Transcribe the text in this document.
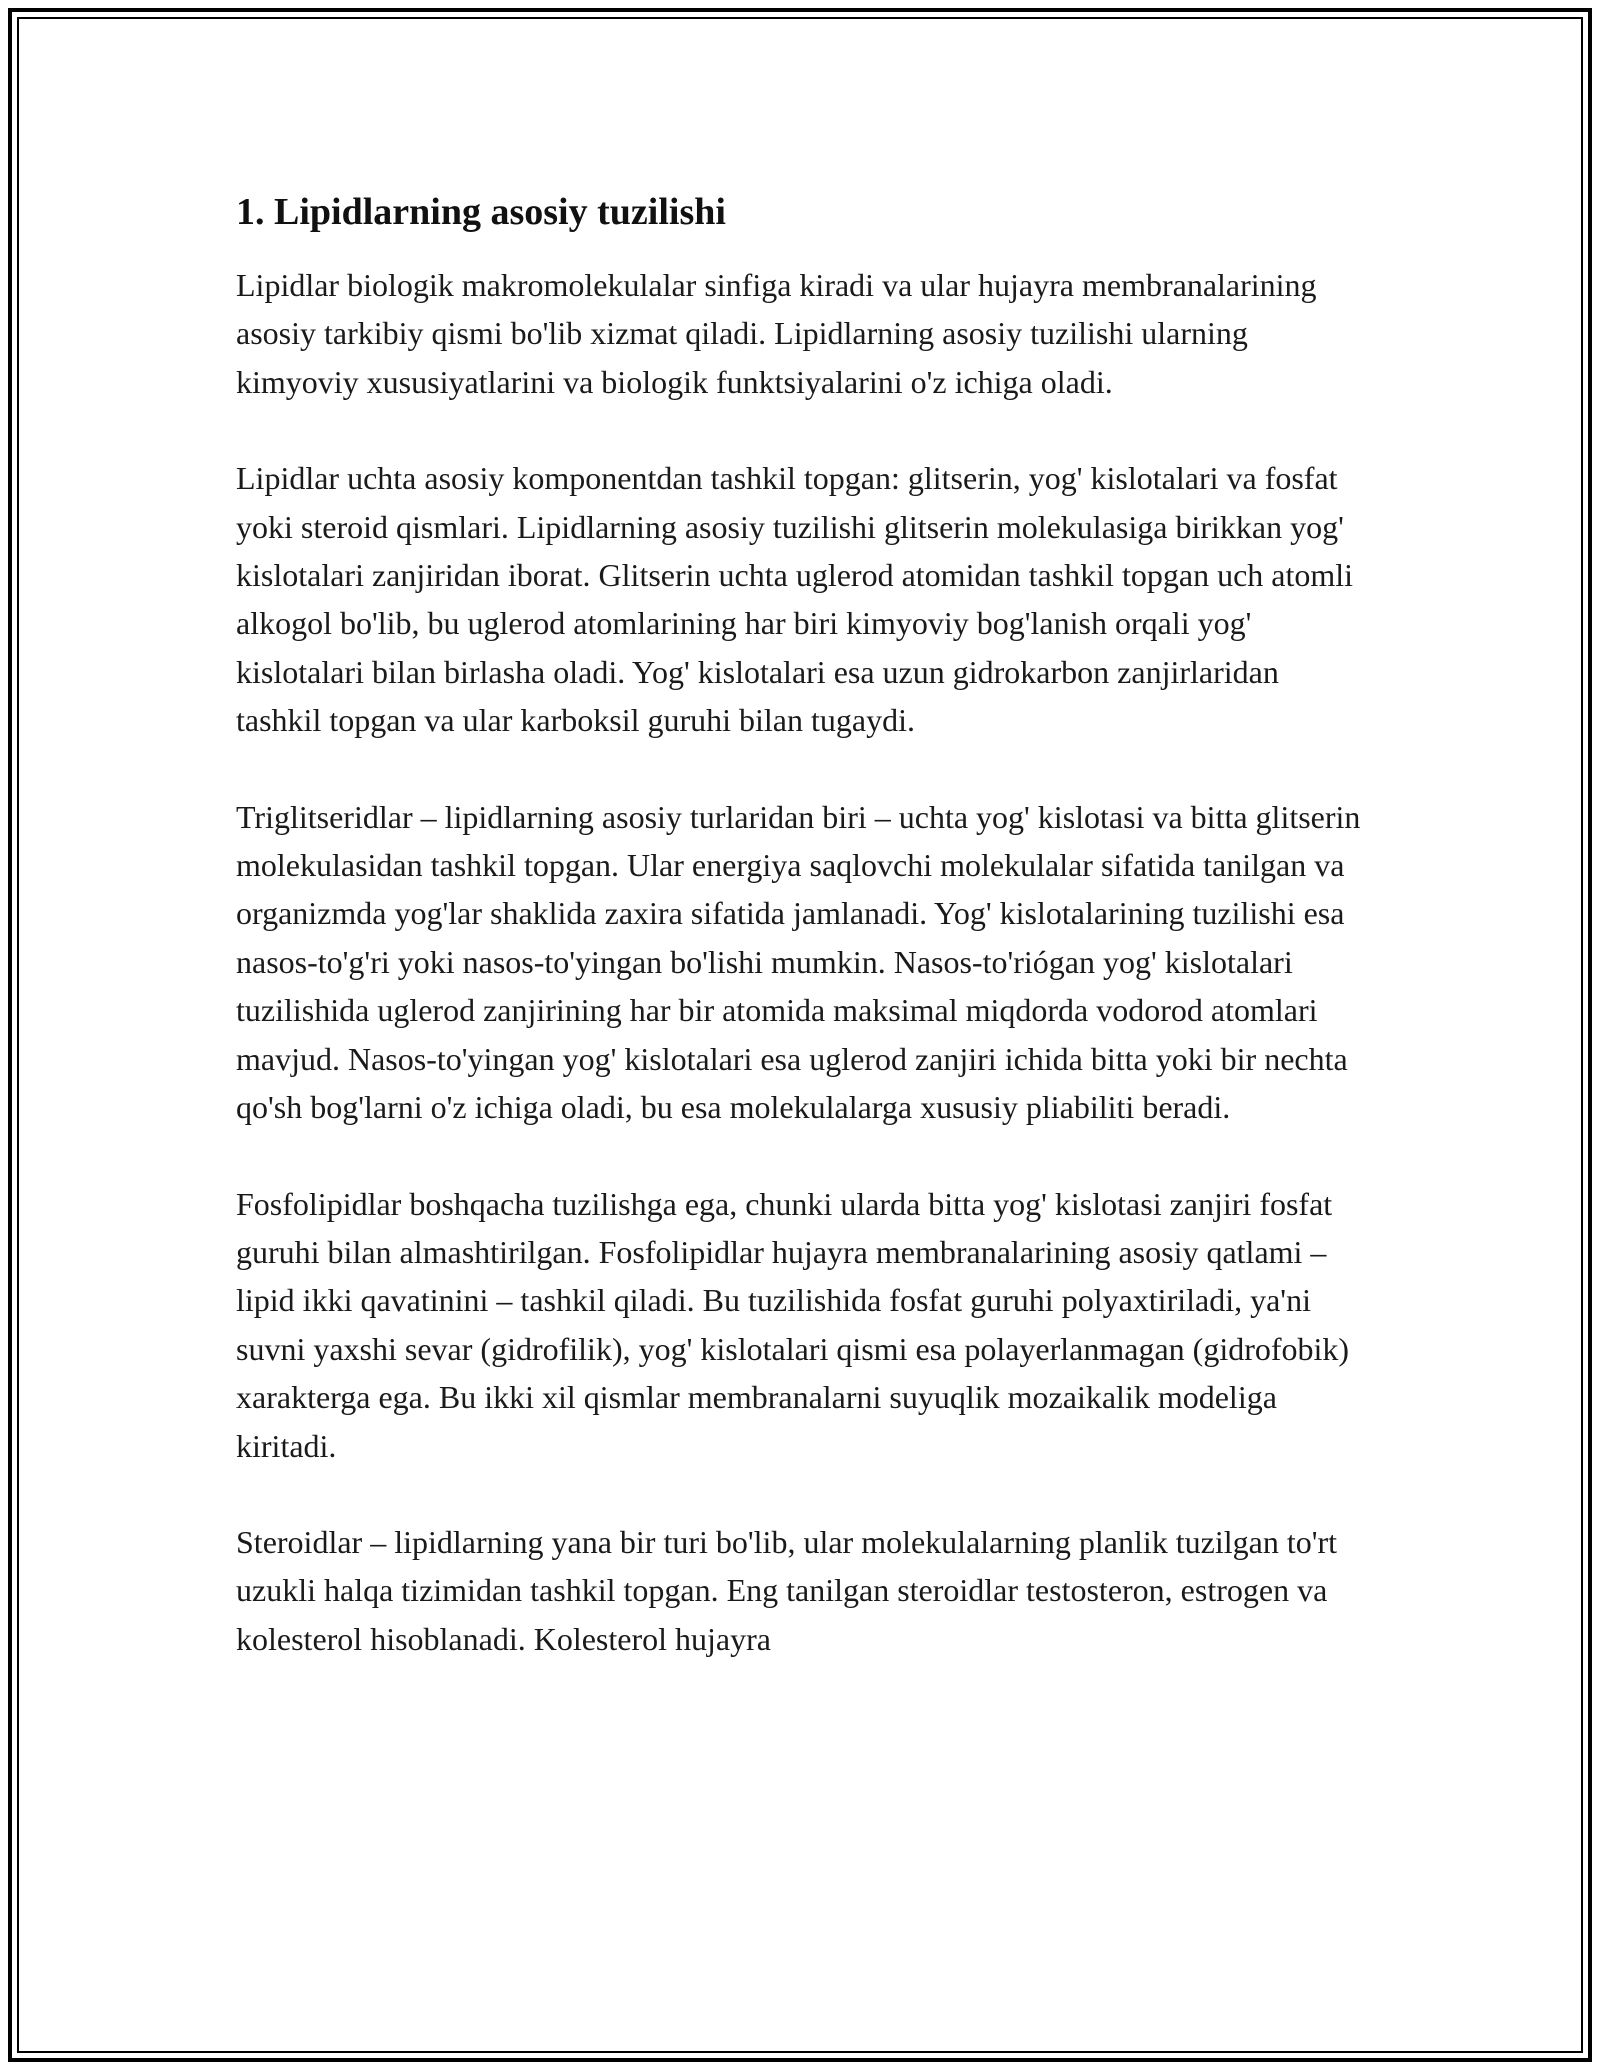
1. Lipidlarning asosiy tuzilishi

Lipidlar biologik makromolekulalar sinfiga kiradi va ular hujayra membranalarining asosiy tarkibiy qismi bo'lib xizmat qiladi. Lipidlarning asosiy tuzilishi ularning kimyoviy xususiyatlarini va biologik funktsiyalarini o'z ichiga oladi.

Lipidlar uchta asosiy komponentdan tashkil topgan: glitserin, yog' kislotalari va fosfat yoki steroid qismlari. Lipidlarning asosiy tuzilishi glitserin molekulasiga birikkan yog' kislotalari zanjiridan iborat. Glitserin uchta uglerod atomidan tashkil topgan uch atomli alkogol bo'lib, bu uglerod atomlarining har biri kimyoviy bog'lanish orqali yog' kislotalari bilan birlasha oladi. Yog' kislotalari esa uzun gidrokarbon zanjirlaridan tashkil topgan va ular karboksil guruhi bilan tugaydi.

Triglitseridlar – lipidlarning asosiy turlaridan biri – uchta yog' kislotasi va bitta glitserin molekulasidan tashkil topgan. Ular energiya saqlovchi molekulalar sifatida tanilgan va organizmda yog'lar shaklida zaxira sifatida jamlanadi. Yog' kislotalarining tuzilishi esa nasos-to'g'ri yoki nasos-to'yingan bo'lishi mumkin. Nasos-to'riógаn yog' kislotalari tuzilishida uglerod zanjirining har bir atomida maksimal miqdorda vodorod atomlari mavjud. Nasos-to'yingan yog' kislotalari esa uglerod zanjiri ichida bitta yoki bir nechta qo'sh bog'larni o'z ichiga oladi, bu esa molekulalarga xususiy pliabiliti beradi.

Fosfolipidlar boshqacha tuzilishga ega, chunki ularda bitta yog' kislotasi zanjiri fosfat guruhi bilan almashtirilgan. Fosfolipidlar hujayra membranalarining asosiy qatlami – lipid ikki qavatinini – tashkil qiladi. Bu tuzilishida fosfat guruhi polyaxtiriladi, ya'ni suvni yaxshi sevar (gidrofilik), yog' kislotalari qismi esa polayerlanmagan (gidrofobik) xarakterga ega. Bu ikki xil qismlar membranalarni suyuqlik mozaikalik modeliga kiritadi.

Steroidlar – lipidlarning yana bir turi bo'lib, ular molekulalarning planlik tuzilgan to'rt uzukli halqa tizimidan tashkil topgan. Eng tanilgan steroidlar testosteron, estrogen va kolesterol hisoblanadi. Kolesterol hujayra
